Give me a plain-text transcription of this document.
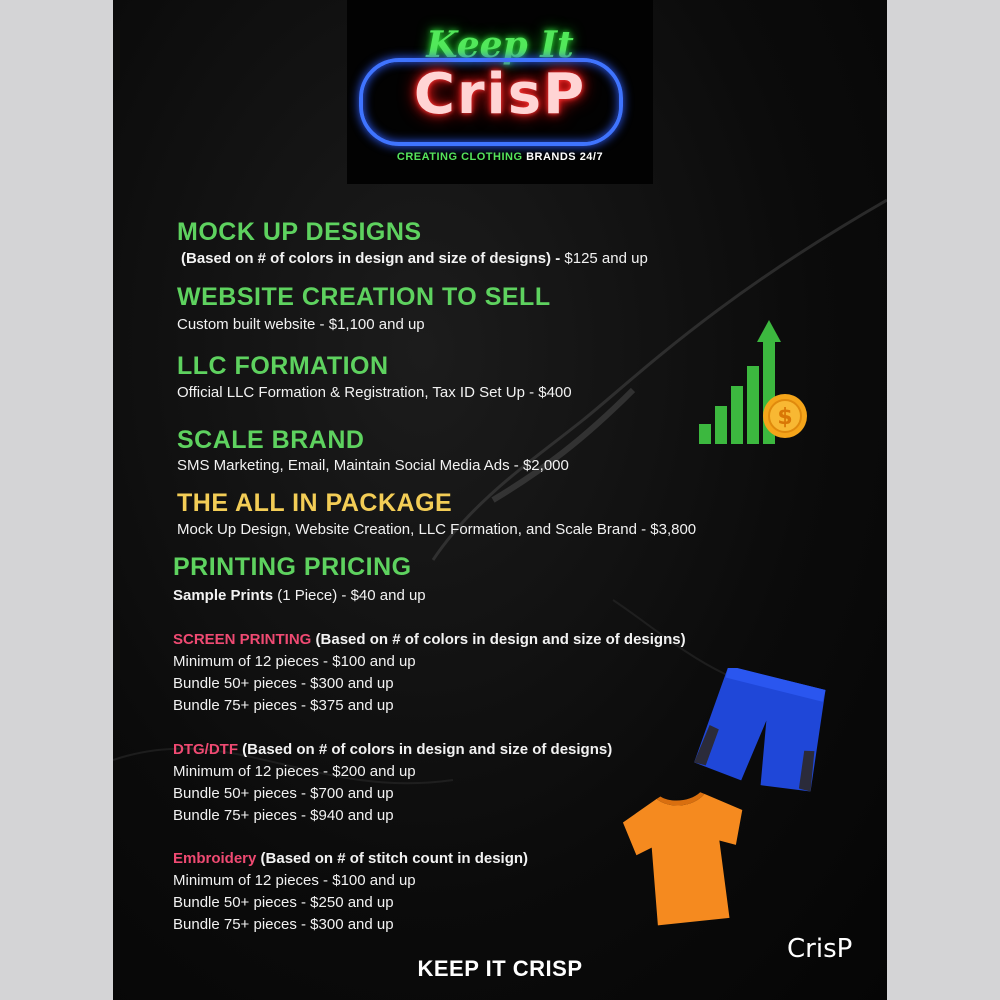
Keep It
CrisP
CREATING CLOTHING BRANDS 24/7
MOCK UP DESIGNS
(Based on # of colors in design and size of designs) - $125 and up
WEBSITE CREATION TO SELL
Custom built website - $1,100 and up
LLC FORMATION
Official LLC Formation & Registration, Tax ID Set Up - $400
SCALE BRAND
SMS Marketing, Email, Maintain Social Media Ads - $2,000
THE ALL IN PACKAGE
Mock Up Design, Website Creation, LLC Formation, and Scale Brand - $3,800
PRINTING PRICING
Sample Prints (1 Piece) - $40 and up
SCREEN PRINTING (Based on # of colors in design and size of designs)
Minimum of 12 pieces - $100 and up
Bundle 50+ pieces - $300 and up
Bundle 75+ pieces - $375 and up
DTG/DTF (Based on # of colors in design and size of designs)
Minimum of 12 pieces - $200 and up
Bundle 50+ pieces - $700 and up
Bundle 75+ pieces - $940 and up
Embroidery (Based on # of stitch count in design)
Minimum of 12 pieces - $100 and up
Bundle 50+ pieces - $250 and up
Bundle 75+ pieces - $300 and up
$
CrisP
KEEP IT CRISP
